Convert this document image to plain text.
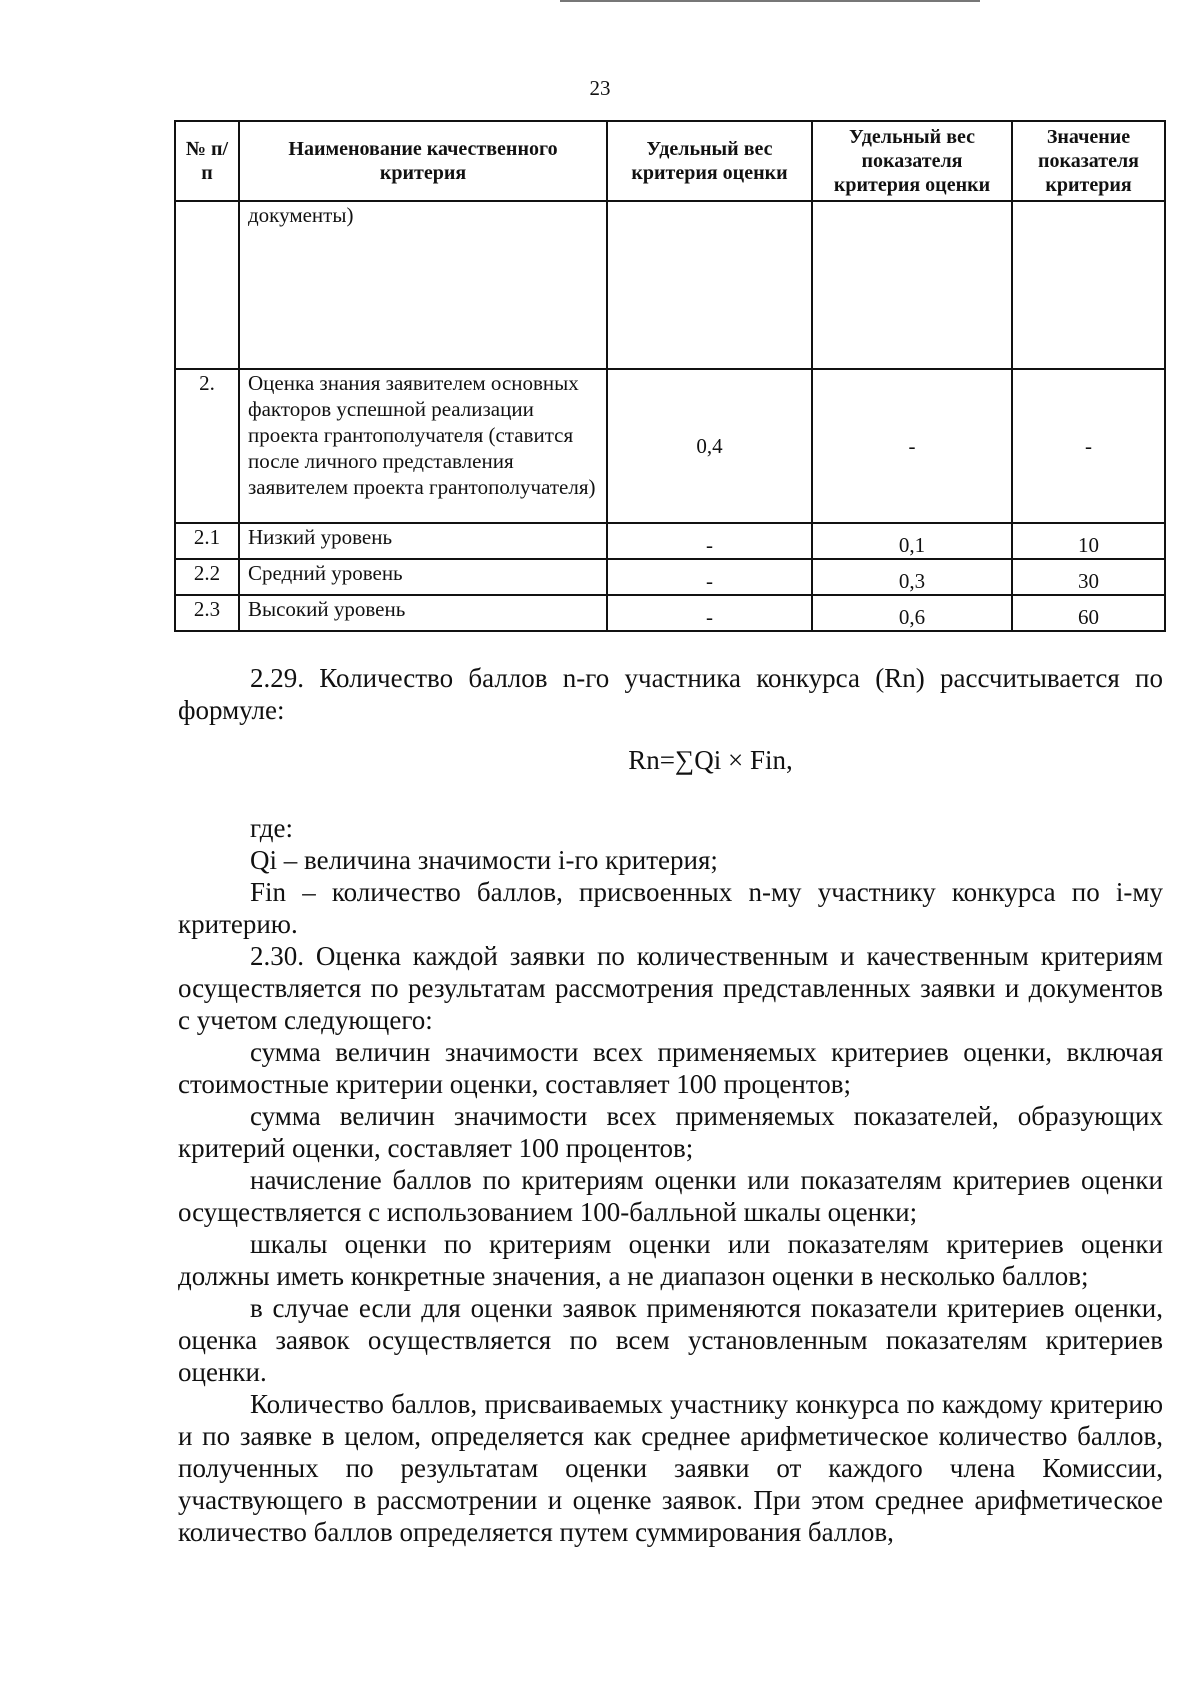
23
№ п/п	Наименование качественного критерия	Удельный вес критерия оценки	Удельный вес показателя критерия оценки	Значение показателя критерия
	документы)			
2.	Оценка знания заявителем основных факторов успешной реализации проекта грантополучателя (ставится после личного представления заявителем проекта грантополучателя)	0,4	-	-
2.1	Низкий уровень	-	0,1	10
2.2	Средний уровень	-	0,3	30
2.3	Высокий уровень	-	0,6	60

2.29. Количество баллов n-го участника конкурса (Rn) рассчитывается по формуле:

Rn=∑Qi × Fin,

где:

Qi – величина значимости i-го критерия;

Fin – количество баллов, присвоенных n-му участнику конкурса по i-му критерию.

2.30. Оценка каждой заявки по количественным и качественным критериям осуществляется по результатам рассмотрения представленных заявки и документов с учетом следующего:

сумма величин значимости всех применяемых критериев оценки, включая стоимостные критерии оценки, составляет 100 процентов;

сумма величин значимости всех применяемых показателей, образующих критерий оценки, составляет 100 процентов;

начисление баллов по критериям оценки или показателям критериев оценки осуществляется с использованием 100-балльной шкалы оценки;

шкалы оценки по критериям оценки или показателям критериев оценки должны иметь конкретные значения, а не диапазон оценки в несколько баллов;

в случае если для оценки заявок применяются показатели критериев оценки, оценка заявок осуществляется по всем установленным показателям критериев оценки.

Количество баллов, присваиваемых участнику конкурса по каждому критерию и по заявке в целом, определяется как среднее арифметическое количество баллов, полученных по результатам оценки заявки от каждого члена Комиссии, участвующего в рассмотрении и оценке заявок. При этом среднее арифметическое количество баллов определяется путем суммирования баллов,
